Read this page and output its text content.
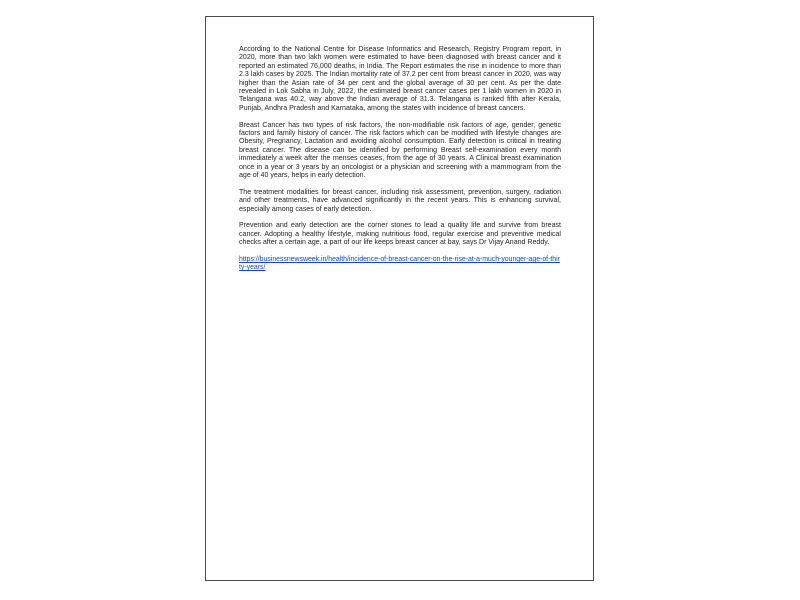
According to the National Centre for Disease Informatics and Research, Registry Program report, in 2020, more than two lakh women were estimated to have been diagnosed with breast cancer and it reported an estimated 76,000 deaths, in India. The Report estimates the rise in incidence to more than 2.3 lakh cases by 2025. The Indian mortality rate of 37.2 per cent from breast cancer in 2020, was way higher than the Asian rate of 34 per cent and the global average of 30 per cent. As per the date revealed in Lok Sabha in July, 2022, the estimated breast cancer cases per 1 lakh women in 2020 in Telangana was 40.2, way above the Indian average of 31.3. Telangana is ranked fifth after Kerala, Punjab, Andhra Pradesh and Karnataka, among the states with incidence of breast cancers.

Breast Cancer has two types of risk factors, the non-modifiable risk factors of age, gender, genetic factors and family history of cancer. The risk factors which can be modified with lifestyle changes are Obesity, Pregnancy, Lactation and avoiding alcohol consumption. Early detection is critical in treating breast cancer. The disease can be identified by performing Breast self-examination every month immediately a week after the menses ceases, from the age of 30 years. A Clinical breast examination once in a year or 3 years by an oncologist or a physician and screening with a mammogram from the age of 40 years, helps in early detection.

The treatment modalities for breast cancer, including risk assessment, prevention, surgery, radiation and other treatments, have advanced significantly in the recent years. This is enhancing survival, especially among cases of early detection.

Prevention and early detection are the corner stones to lead a quality life and survive from breast cancer. Adopting a healthy lifestyle, making nutritious food, regular exercise and preventive medical checks after a certain age, a part of our life keeps breast cancer at bay, says Dr Vijay Anand Reddy.

https://businessnewsweek.in/health/incidence-of-breast-cancer-on-the-rise-at-a-much-younger-age-of-thirty-years/
